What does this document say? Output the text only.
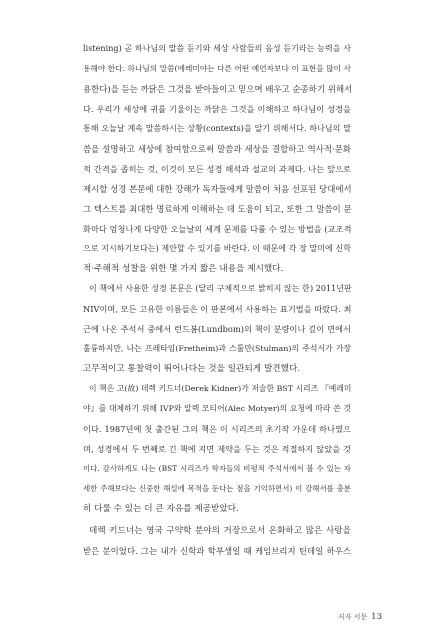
listening) 곧 하나님의 말씀 듣기와 세상 사람들의 음성 듣기라는 능력을 사
용해야 한다. 하나님의 말씀(에레미야는 다른 어떤 예언자보다 이 표현을 많이 사
용한다)을 듣는 까닭은 그것을 받아들이고 믿으며 배우고 순종하기 위해서
다. 우리가 세상에 귀를 기울이는 까닭은 그것을 이해하고 하나님이 성경을
통해 오늘날 계속 말씀하시는 상황(contexts)을 알기 위해서다. 하나님의 말
씀을 설명하고 세상에 참여함으로써 말씀과 세상을 결합하고 역사적·문화
적 간격을 좁히는 것, 이것이 모든 성경 해석과 설교의 과제다. 나는 앞으로
제시할 성경 본문에 대한 강해가 독자들에게 말씀이 처음 선포된 당대에서
그 텍스트를 최대한 명료하게 이해하는 데 도움이 되고, 또한 그 말씀이 문
화마다 엄청나게 다양한 오늘날의 세계 문제를 다룰 수 있는 방법을 (교조적
으로 지시하기보다는) 제안할 수 있기를 바란다. 이 때문에 각 장 말미에 신학
적·주해적 성찰을 위한 몇 가지 짧은 내용을 제시했다.
이 책에서 사용한 성경 본문은 (달리 구체적으로 밝히지 않는 한) 2011년판
NIV이며, 모든 고유한 이름들은 이 판본에서 사용하는 표기법을 따랐다. 최
근에 나온 주석서 중에서 런드봄(Lundbom)의 책이 분량이나 깊이 면에서
훌륭하지만, 나는 프레타임(Fretheim)과 스툴만(Stulman)의 주석서가 가장
고무적이고 통찰력이 뛰어나다는 것을 일관되게 발견했다.
이 책은 고(故) 데렉 키드너(Derek Kidner)가 저술한 BST 시리즈 『예레미
야』를 대체하기 위해 IVP와 알렉 모티어(Alec Motyer)의 요청에 따라 쓴 것
이다. 1987년에 첫 출간된 그의 책은 이 시리즈의 초기작 가운데 하나였으
며, 성경에서 두 번째로 긴 책에 지면 제약을 두는 것은 적절하지 않았을 것
이다. 감사하게도 나는 (BST 시리즈가 학자들의 비평적 주석서에서 볼 수 있는 자
세한 주해보다는 신중한 해설에 목적을 둔다는 점을 기억하면서) 이 강해서를 충분
히 다룰 수 있는 더 큰 자유를 제공받았다.
데렉 키드너는 영국 구약학 분야의 거장으로서 온화하고 많은 사랑을
받은 분이었다. 그는 내가 신학과 학부생일 때 케임브리지 틴데일 하우스
저자 서문 13
